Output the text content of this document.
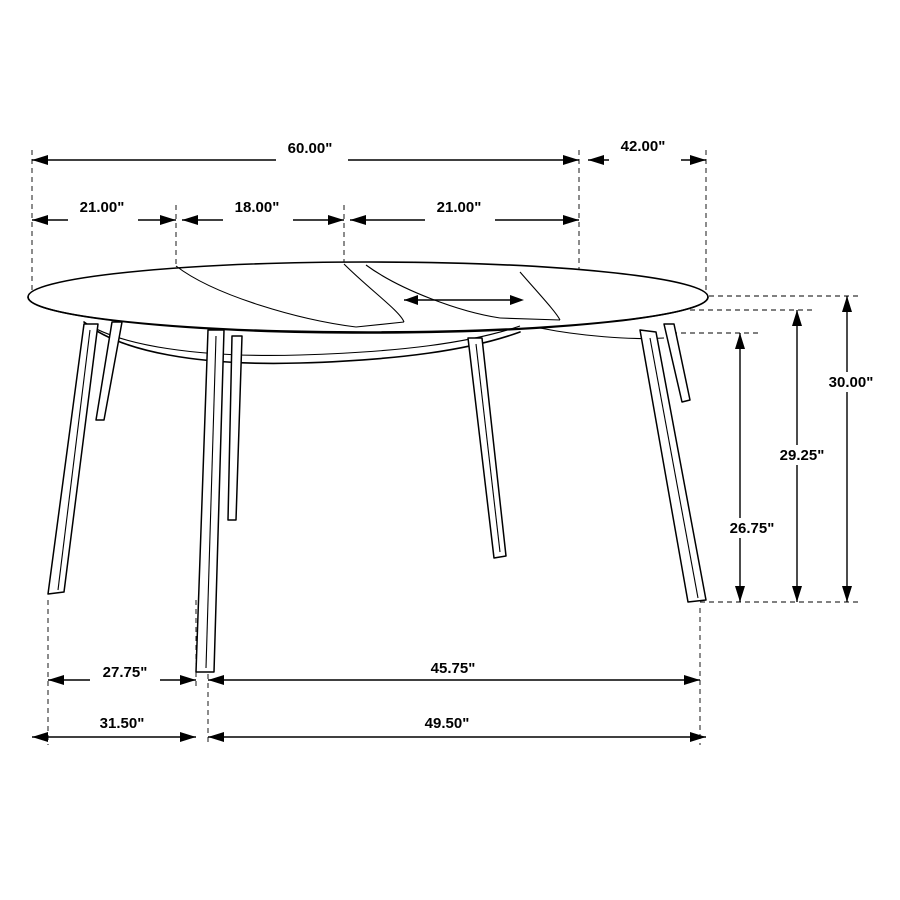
60.00"	42.00"
21.00"	18.00"	21.00"
30.00"
29.25"
26.75"
27.75"	45.75"
31.50"	49.50"
